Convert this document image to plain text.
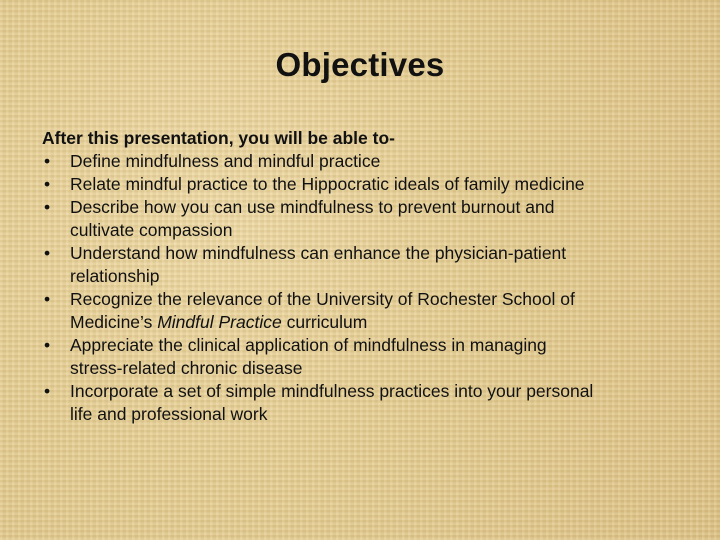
Objectives
After this presentation, you will be able to-
• Define mindfulness and mindful practice
• Relate mindful practice to the Hippocratic ideals of family medicine
• Describe how you can use mindfulness to prevent burnout and
cultivate compassion
• Understand how mindfulness can enhance the physician-patient
relationship
• Recognize the relevance of the University of Rochester School of
Medicine’s Mindful Practice curriculum
• Appreciate the clinical application of mindfulness in managing
stress-related chronic disease
• Incorporate a set of simple mindfulness practices into your personal
life and professional work
